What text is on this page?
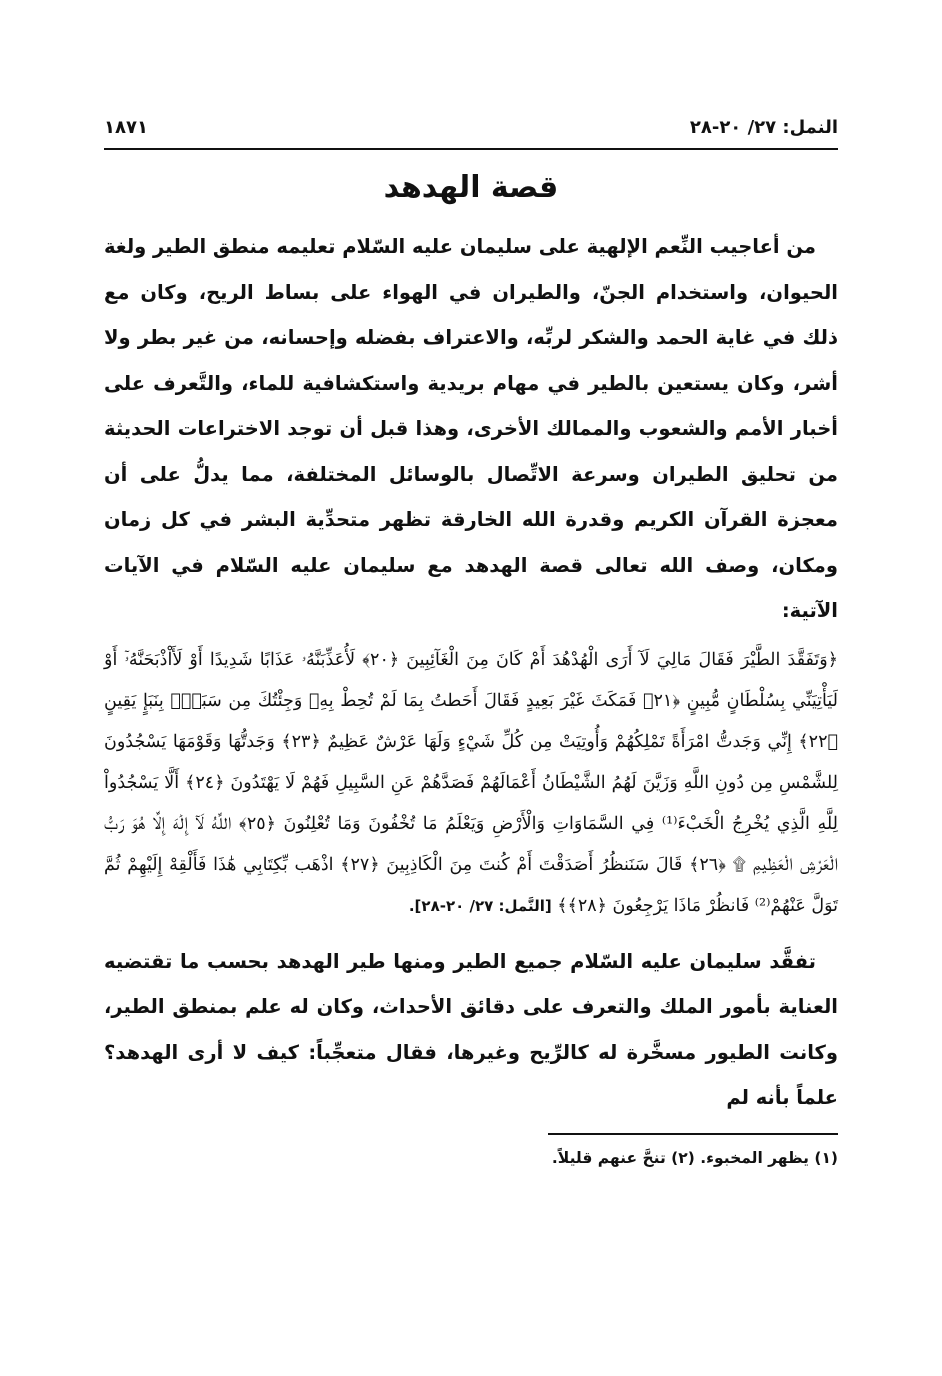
النمل: ٢٧/ ٢٠-٢٨
١٨٧١
قصة الهدهد

من أعاجيب النِّعم الإلهية على سليمان عليه السّلام تعليمه منطق الطير ولغة الحيوان، واستخدام الجنّ، والطيران في الهواء على بساط الريح، وكان مع ذلك في غاية الحمد والشكر لربِّه، والاعتراف بفضله وإحسانه، من غير بطر ولا أشر، وكان يستعين بالطير في مهام بريدية واستكشافية للماء، والتَّعرف على أخبار الأمم والشعوب والممالك الأخرى، وهذا قبل أن توجد الاختراعات الحديثة من تحليق الطيران وسرعة الاتِّصال بالوسائل المختلفة، مما يدلُّ على أن معجزة القرآن الكريم وقدرة الله الخارقة تظهر متحدِّية البشر في كل زمان ومكان، وصف الله تعالى قصة الهدهد مع سليمان عليه السّلام في الآيات الآتية:

﴿وَتَفَقَّدَ الطَّيْرَ فَقَالَ مَالِيَ لَآ أَرَى الْهُدْهُدَ أَمْ كَانَ مِنَ الْغَآئِبِينَ ﴿٢٠﴾ لَأُعَذِّبَنَّهُۥ عَذَابًا شَدِيدًا أَوْ لَأَاْذْبَحَنَّهُۥٓ أَوْ لَيَأْتِيَنِّي بِسُلْطَانٍ مُّبِينٍ ﴿٢١﴾ فَمَكَثَ غَيْرَ بَعِيدٍ فَقَالَ أَحَطتُ بِمَا لَمْ تُحِطْ بِهِۦ وَجِئْتُكَ مِن سَبَإِۭ بِنَبَإٍ يَقِينٍ ﴿٢٢﴾ إِنِّي وَجَدتُّ امْرَأَةً تَمْلِكُهُمْ وَأُوتِيَتْ مِن كُلِّ شَيْءٍ وَلَهَا عَرْشٌ عَظِيمٌ ﴿٢٣﴾ وَجَدتُّهَا وَقَوْمَهَا يَسْجُدُونَ لِلشَّمْسِ مِن دُونِ اللَّهِ وَزَيَّنَ لَهُمُ الشَّيْطَانُ أَعْمَالَهُمْ فَصَدَّهُمْ عَنِ السَّبِيلِ فَهُمْ لَا يَهْتَدُونَ ﴿٢٤﴾ أَلَّا يَسْجُدُواْ لِلَّهِ الَّذِي يُخْرِجُ الْخَبْءَ⁽¹⁾ فِي السَّمَاوَاتِ وَالْأَرْضِ وَيَعْلَمُ مَا تُخْفُونَ وَمَا تُعْلِنُونَ ﴿٢٥﴾ اللَّهُ لَآ إِلَٰهَ إِلَّا هُوَ رَبُّ الْعَرْشِ الْعَظِيمِ ۩ ﴿٢٦﴾ قَالَ سَنَنظُرُ أَصَدَقْتَ أَمْ كُنتَ مِنَ الْكَاذِبِينَ ﴿٢٧﴾ اذْهَب بِّكِتَابِي هَٰذَا فَأَلْقِهْ إِلَيْهِمْ ثُمَّ تَوَلَّ عَنْهُمْ⁽²⁾ فَانظُرْ مَاذَا يَرْجِعُونَ ﴿٢٨﴾﴾ [النَّمل: ٢٧/ ٢٠-٢٨].

تفقَّد سليمان عليه السّلام جميع الطير ومنها طير الهدهد بحسب ما تقتضيه العناية بأمور الملك والتعرف على دقائق الأحداث، وكان له علم بمنطق الطير، وكانت الطيور مسخَّرة له كالرِّيح وغيرها، فقال متعجِّباً: كيف لا أرى الهدهد؟ علماً بأنه لم

(١) يظهر المخبوء. (٢) تنحَّ عنهم قليلاً.
